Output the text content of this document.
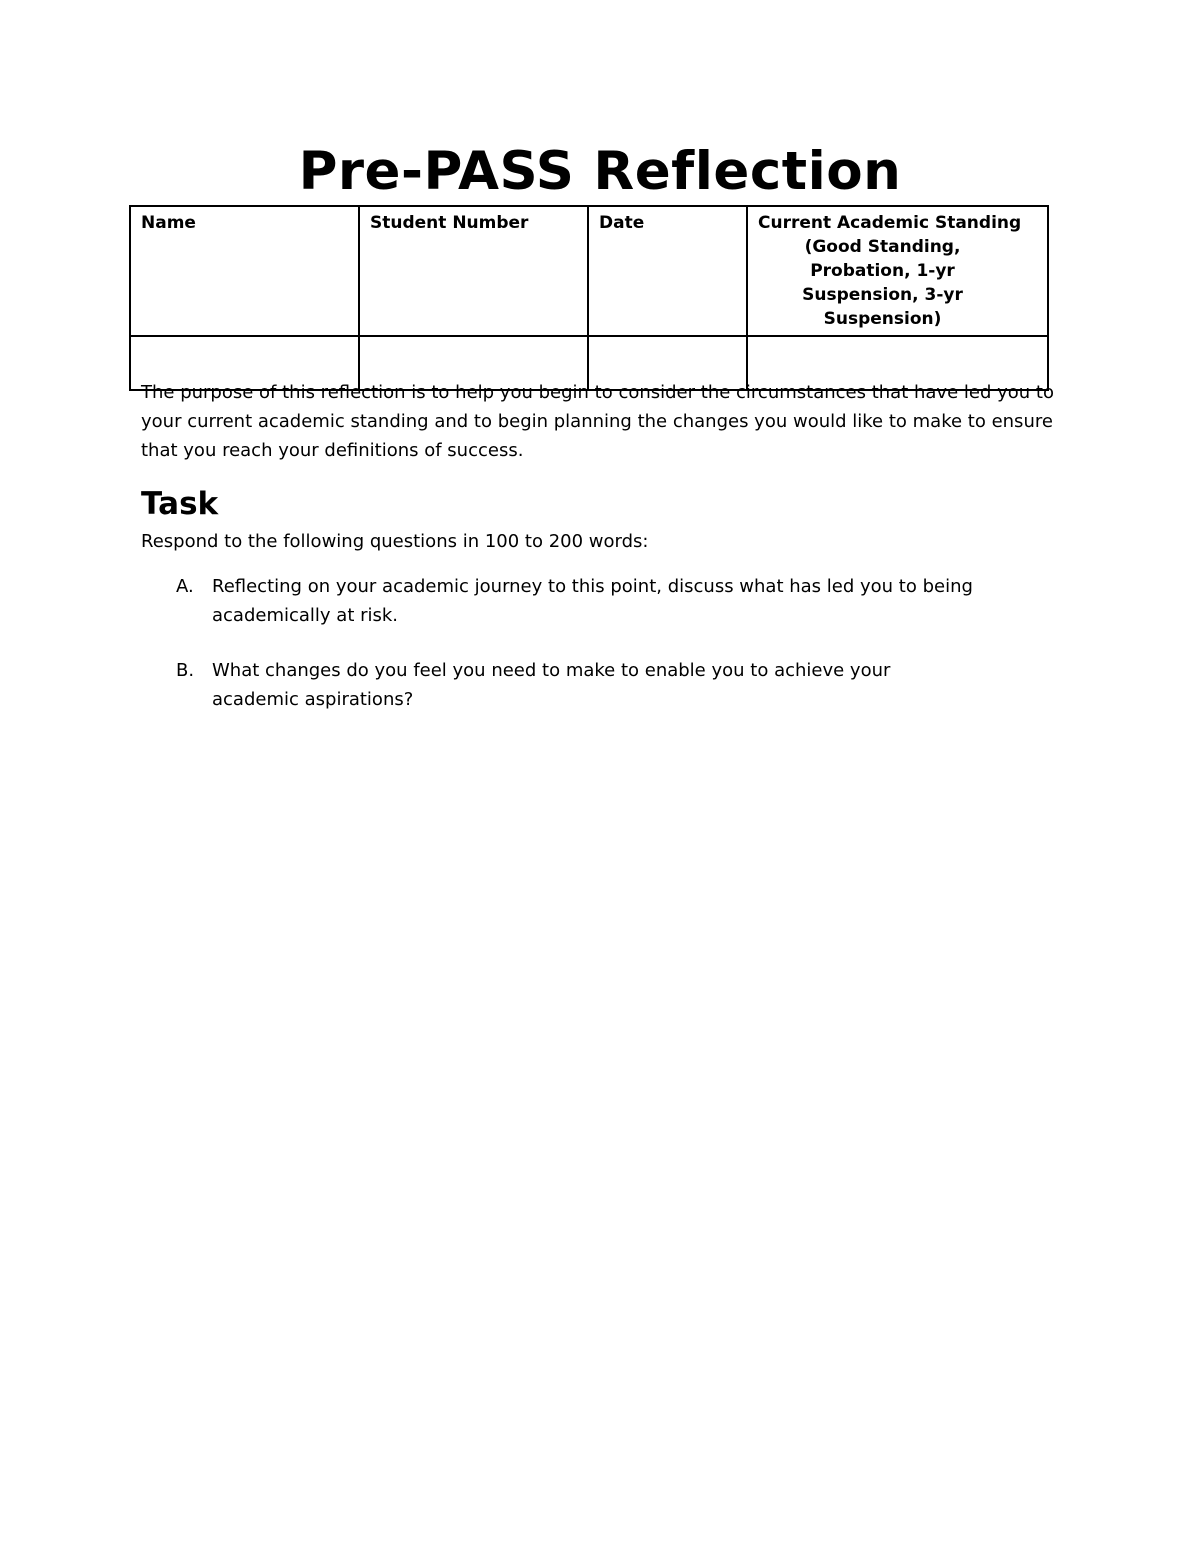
Pre-PASS Reflection
Name	Student Number	Date	Current Academic Standing
(Good Standing, Probation, 1-yr Suspension, 3-yr Suspension)

The purpose of this reflection is to help you begin to consider the circumstances that have led you to your current academic standing and to begin planning the changes you would like to make to ensure that you reach your definitions of success.
Task
Respond to the following questions in 100 to 200 words:
A. Reflecting on your academic journey to this point, discuss what has led you to being academically at risk.
B. What changes do you feel you need to make to enable you to achieve your academic aspirations?
